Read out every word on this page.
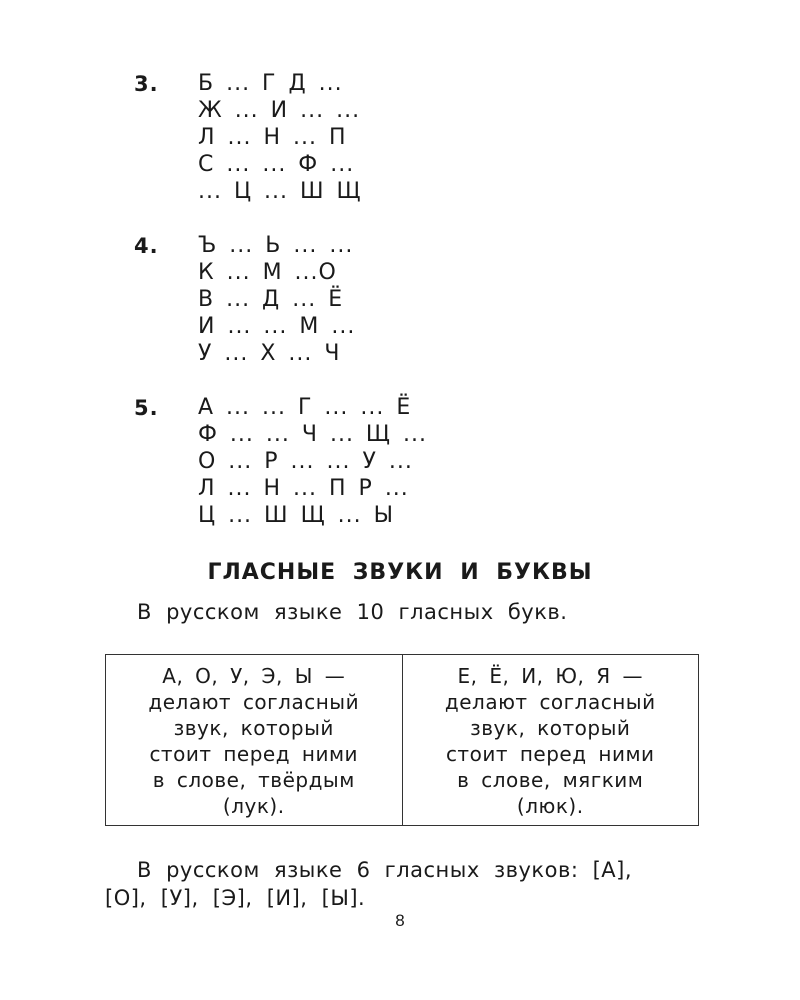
3. Б ... Г Д ...
Ж ... И ... ...
Л ... Н ... П
С ... ... Ф ...
... Ц ... Ш Щ
4. Ъ ... Ь ... ...
К ... М ...О
В ... Д ... Ё
И ... ... М ...
У ... Х ... Ч
5. А ... ... Г ... ... Ё
Ф ... ... Ч ... Щ ...
О ... Р ... ... У ...
Л ... Н ... П Р ...
Ц ... Ш Щ ... Ы
ГЛАСНЫЕ ЗВУКИ И БУКВЫ
В русском языке 10 гласных букв.
А, О, У, Э, Ы —
делают согласный
звук, который
стоит перед ними
в слове, твёрдым
(лук).
Е, Ё, И, Ю, Я —
делают согласный
звук, который
стоит перед ними
в слове, мягким
(люк).
В русском языке 6 гласных звуков: [А],
[О], [У], [Э], [И], [Ы].
8
